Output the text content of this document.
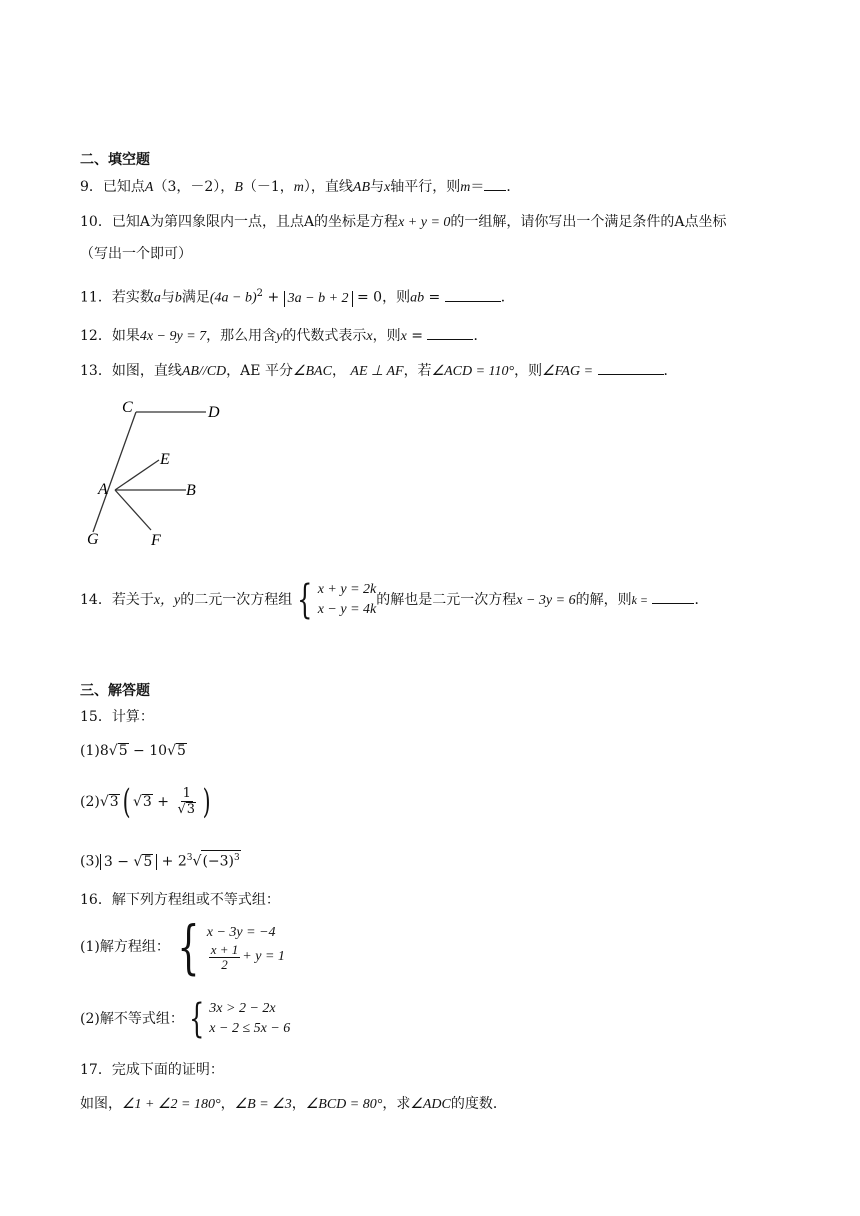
二、填空题
9．已知点A（3，－2），B（－1，m），直线AB与x轴平行，则m＝ ．
10．已知A为第四象限内一点，且点A的坐标是方程x + y = 0的一组解，请你写出一个满足条件的A点坐标
（写出一个即可）
11．若实数a与b满足$(4a - b)^2 + 3a - b + 2 = 0$，则ab =	．
12．如果4x − 9y = 7，那么用含y的代数式表示x，则x =	．
13．如图，直线AB//CD，AE 平分∠BAC， AE ⊥ AF，若∠ACD = 110°，则∠FAG =	．
C	D
E
A	B
G	F
14．若关于x，y的二元一次方程组 { x + y = 2k
x − y = 4k
的解也是二元一次方程x − 3y = 6的解，则k =	．
三、解答题
15．计算：
(1)8√5 − 10√5
(2)√3 ( $√3 + \frac{1}{√3}$ )
(3) $3 - √5 + 2^3√(-3)^3$
16．解下列方程组或不等式组：
(1)解方程组： { x − 3y = −4
$\frac{x + 1}{2} + y = 1$
(2)解不等式组： { 3x > 2 − 2x
x − 2 ≤ 5x − 6
17．完成下面的证明：
如图，∠1 + ∠2 = 180°，∠B = ∠3，∠BCD = 80°，求∠ADC的度数．
